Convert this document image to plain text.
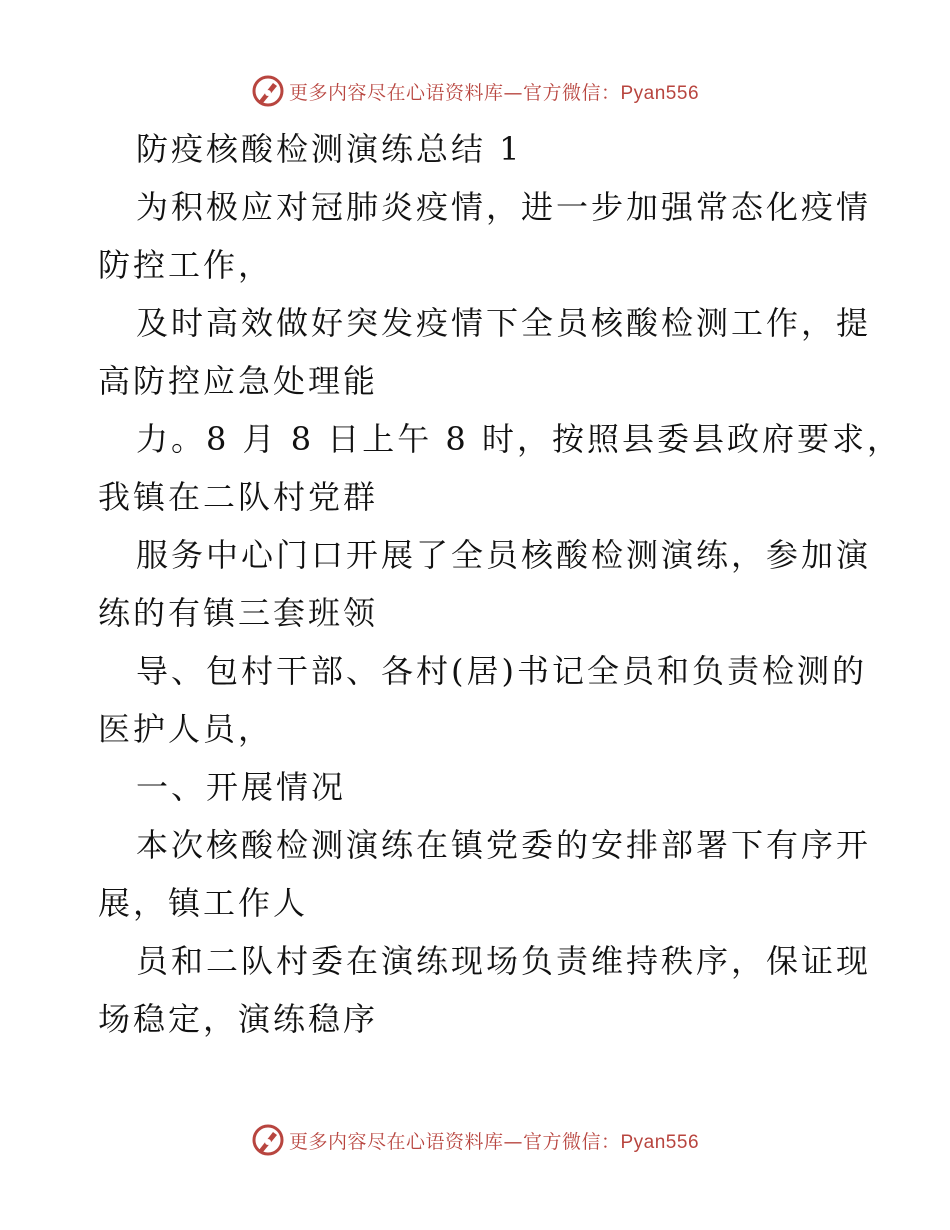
更多内容尽在心语资料库—官方微信：Pyan556
防疫核酸检测演练总结 1
为积极应对冠肺炎疫情，进一步加强常态化疫情
防控工作，
及时高效做好突发疫情下全员核酸检测工作，提
高防控应急处理能
力。8 月 8 日上午 8 时，按照县委县政府要求，
我镇在二队村党群
服务中心门口开展了全员核酸检测演练，参加演
练的有镇三套班领
导、包村干部、各村(居)书记全员和负责检测的
医护人员，
一、开展情况
本次核酸检测演练在镇党委的安排部署下有序开
展，镇工作人
员和二队村委在演练现场负责维持秩序，保证现
场稳定，演练稳序
更多内容尽在心语资料库—官方微信：Pyan556
